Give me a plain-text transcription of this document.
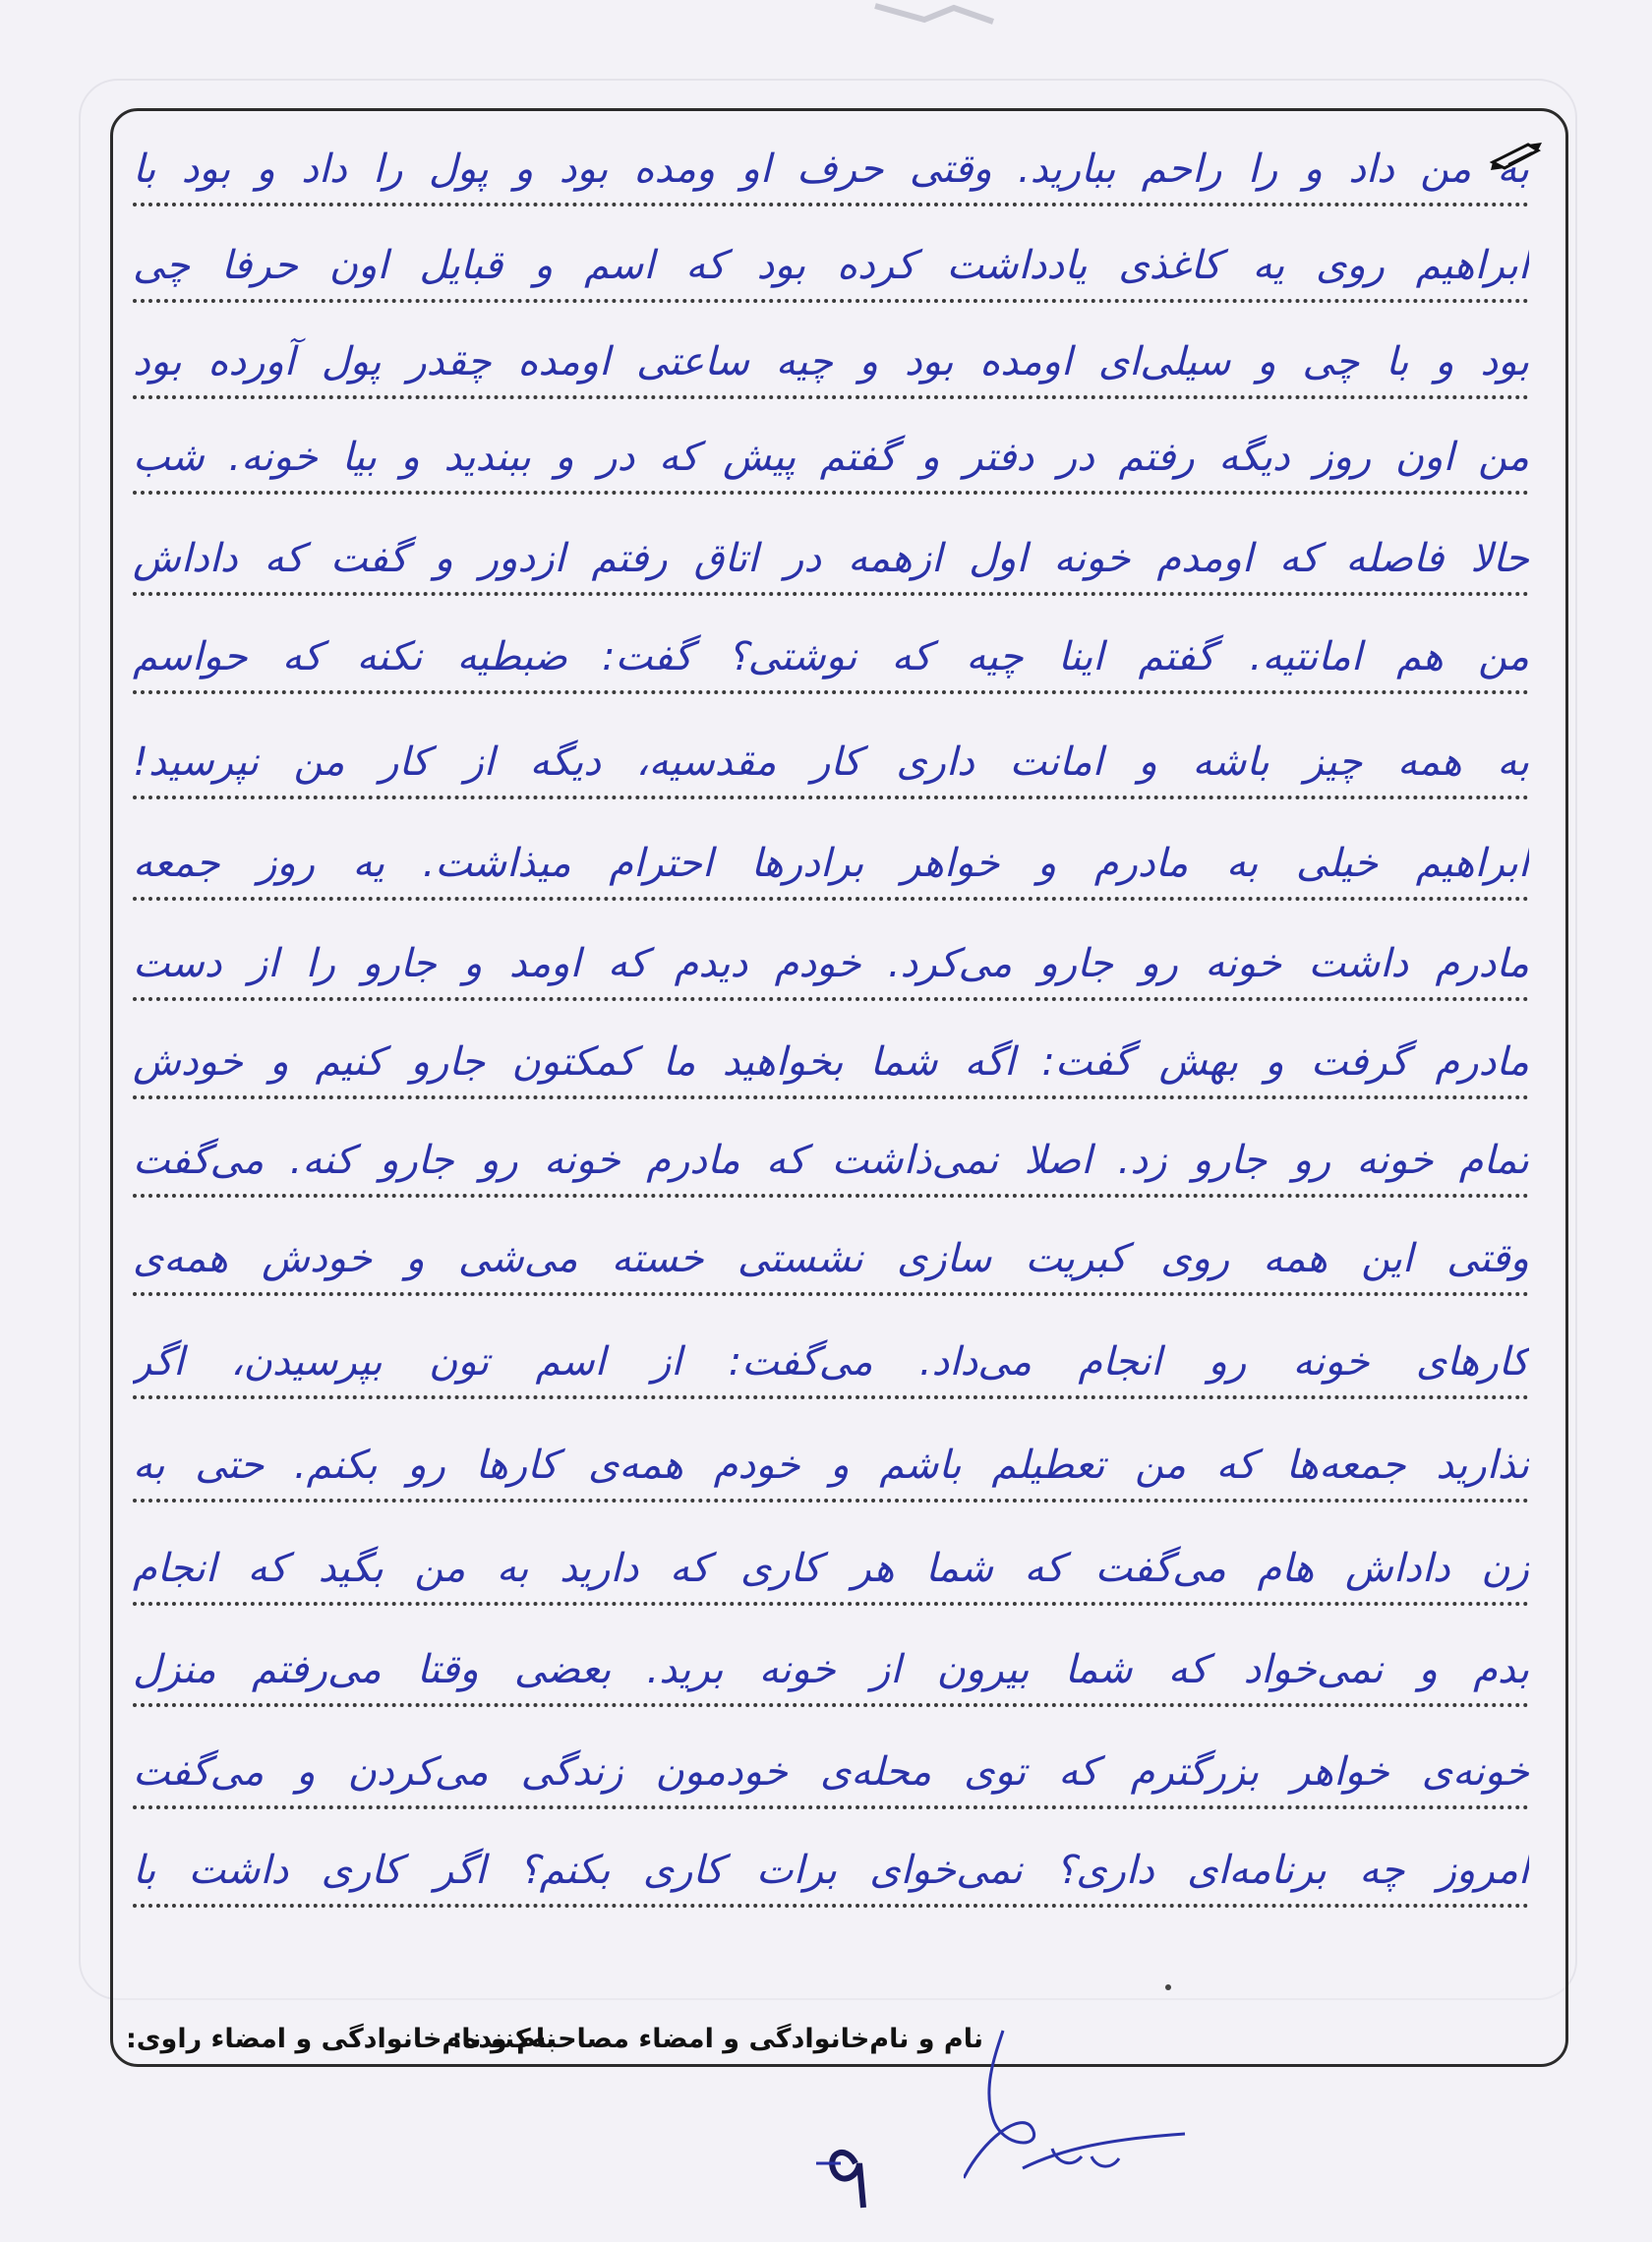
به من داد و را راحم ببارید. وقتی حرف او ومده بود و پول را داد و بود با
ابراهیم روی یه کاغذی یادداشت کرده بود که اسم و قبایل اون حرفا چی
بود و با چی و سیلی‌ای اومده بود و چیه ساعتی اومده چقدر پول آورده بود
من اون روز دیگه رفتم در دفتر و گفتم پیش که در و ببندید و بیا خونه. شب
حالا فاصله که اومدم خونه اول ازهمه در اتاق رفتم ازدور و گفت که داداش
من هم امانتیه. گفتم اینا چیه که نوشتی؟ گفت: ضبطیه نکنه که حواسم
به همه چیز باشه و امانت داری کار مقدسیه، دیگه از کار من نپرسید!
ابراهیم خیلی به مادرم و خواهر برادرها احترام میذاشت. یه روز جمعه
مادرم داشت خونه رو جارو می‌کرد. خودم دیدم که اومد و جارو را از دست
مادرم گرفت و بهش گفت: اگه شما بخواهید ما کمکتون جارو کنیم و خودش
تمام خونه رو جارو زد. اصلا نمی‌ذاشت که مادرم خونه رو جارو کنه. می‌گفت
وقتی این همه روی کبریت سازی نشستی خسته می‌شی و خودش همه‌ی
کارهای خونه رو انجام می‌داد. می‌گفت: از اسم تون بپرسیدن، اگر
نذارید جمعه‌ها که من تعطیلم باشم و خودم همه‌ی کارها رو بکنم. حتی به
زن داداش هام می‌گفت که شما هر کاری که دارید به من بگید که انجام
بدم و نمی‌خواد که شما بیرون از خونه برید. بعضی وقتا می‌رفتم منزل
خونه‌ی خواهر بزرگترم که توی محله‌ی خودمون زندگی می‌کردن و می‌گفت
امروز چه برنامه‌ای داری؟ نمی‌خوای برات کاری بکنم؟ اگر کاری داشت با
نام و نام‌خانوادگی و امضاء مصاحبه‌کننده:
نام و نام‌خانوادگی و امضاء راوی:
